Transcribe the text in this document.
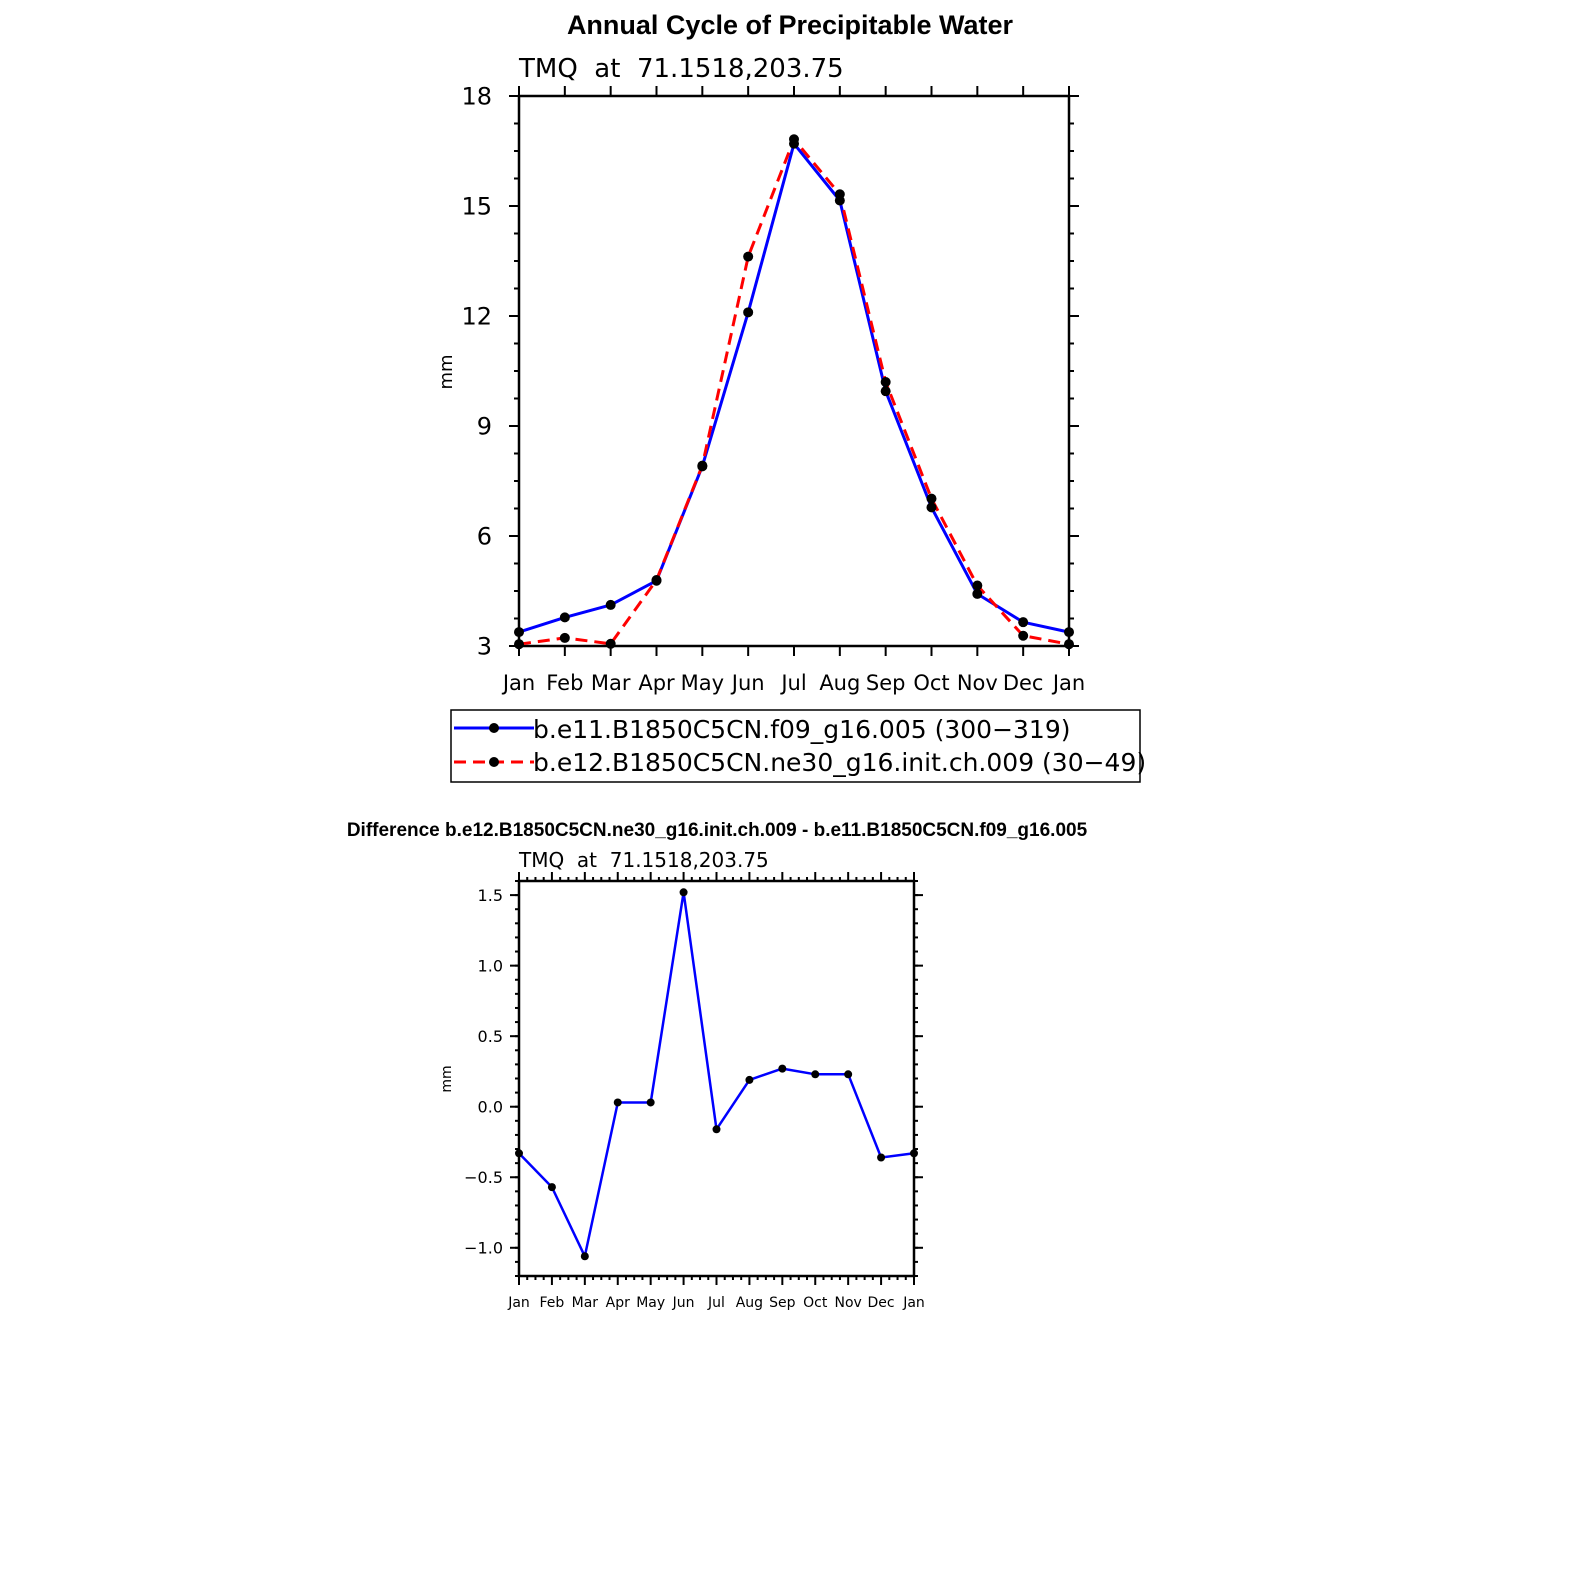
Annual Cycle of Precipitable Water
TMQ  at  71.1518,203.75
mm
Jan Feb Mar Apr May Jun Jul Aug Sep Oct Nov Dec Jan
3
6
9
12
15
18
b.e11.B1850C5CN.f09_g16.005 (300−319)
b.e12.B1850C5CN.ne30_g16.init.ch.009 (30−49)
Difference b.e12.B1850C5CN.ne30_g16.init.ch.009 - b.e11.B1850C5CN.f09_g16.005
TMQ  at  71.1518,203.75
mm
Jan Feb Mar Apr May Jun Jul Aug Sep Oct Nov Dec Jan
−1.0
−0.5
0.0
0.5
1.0
1.5
